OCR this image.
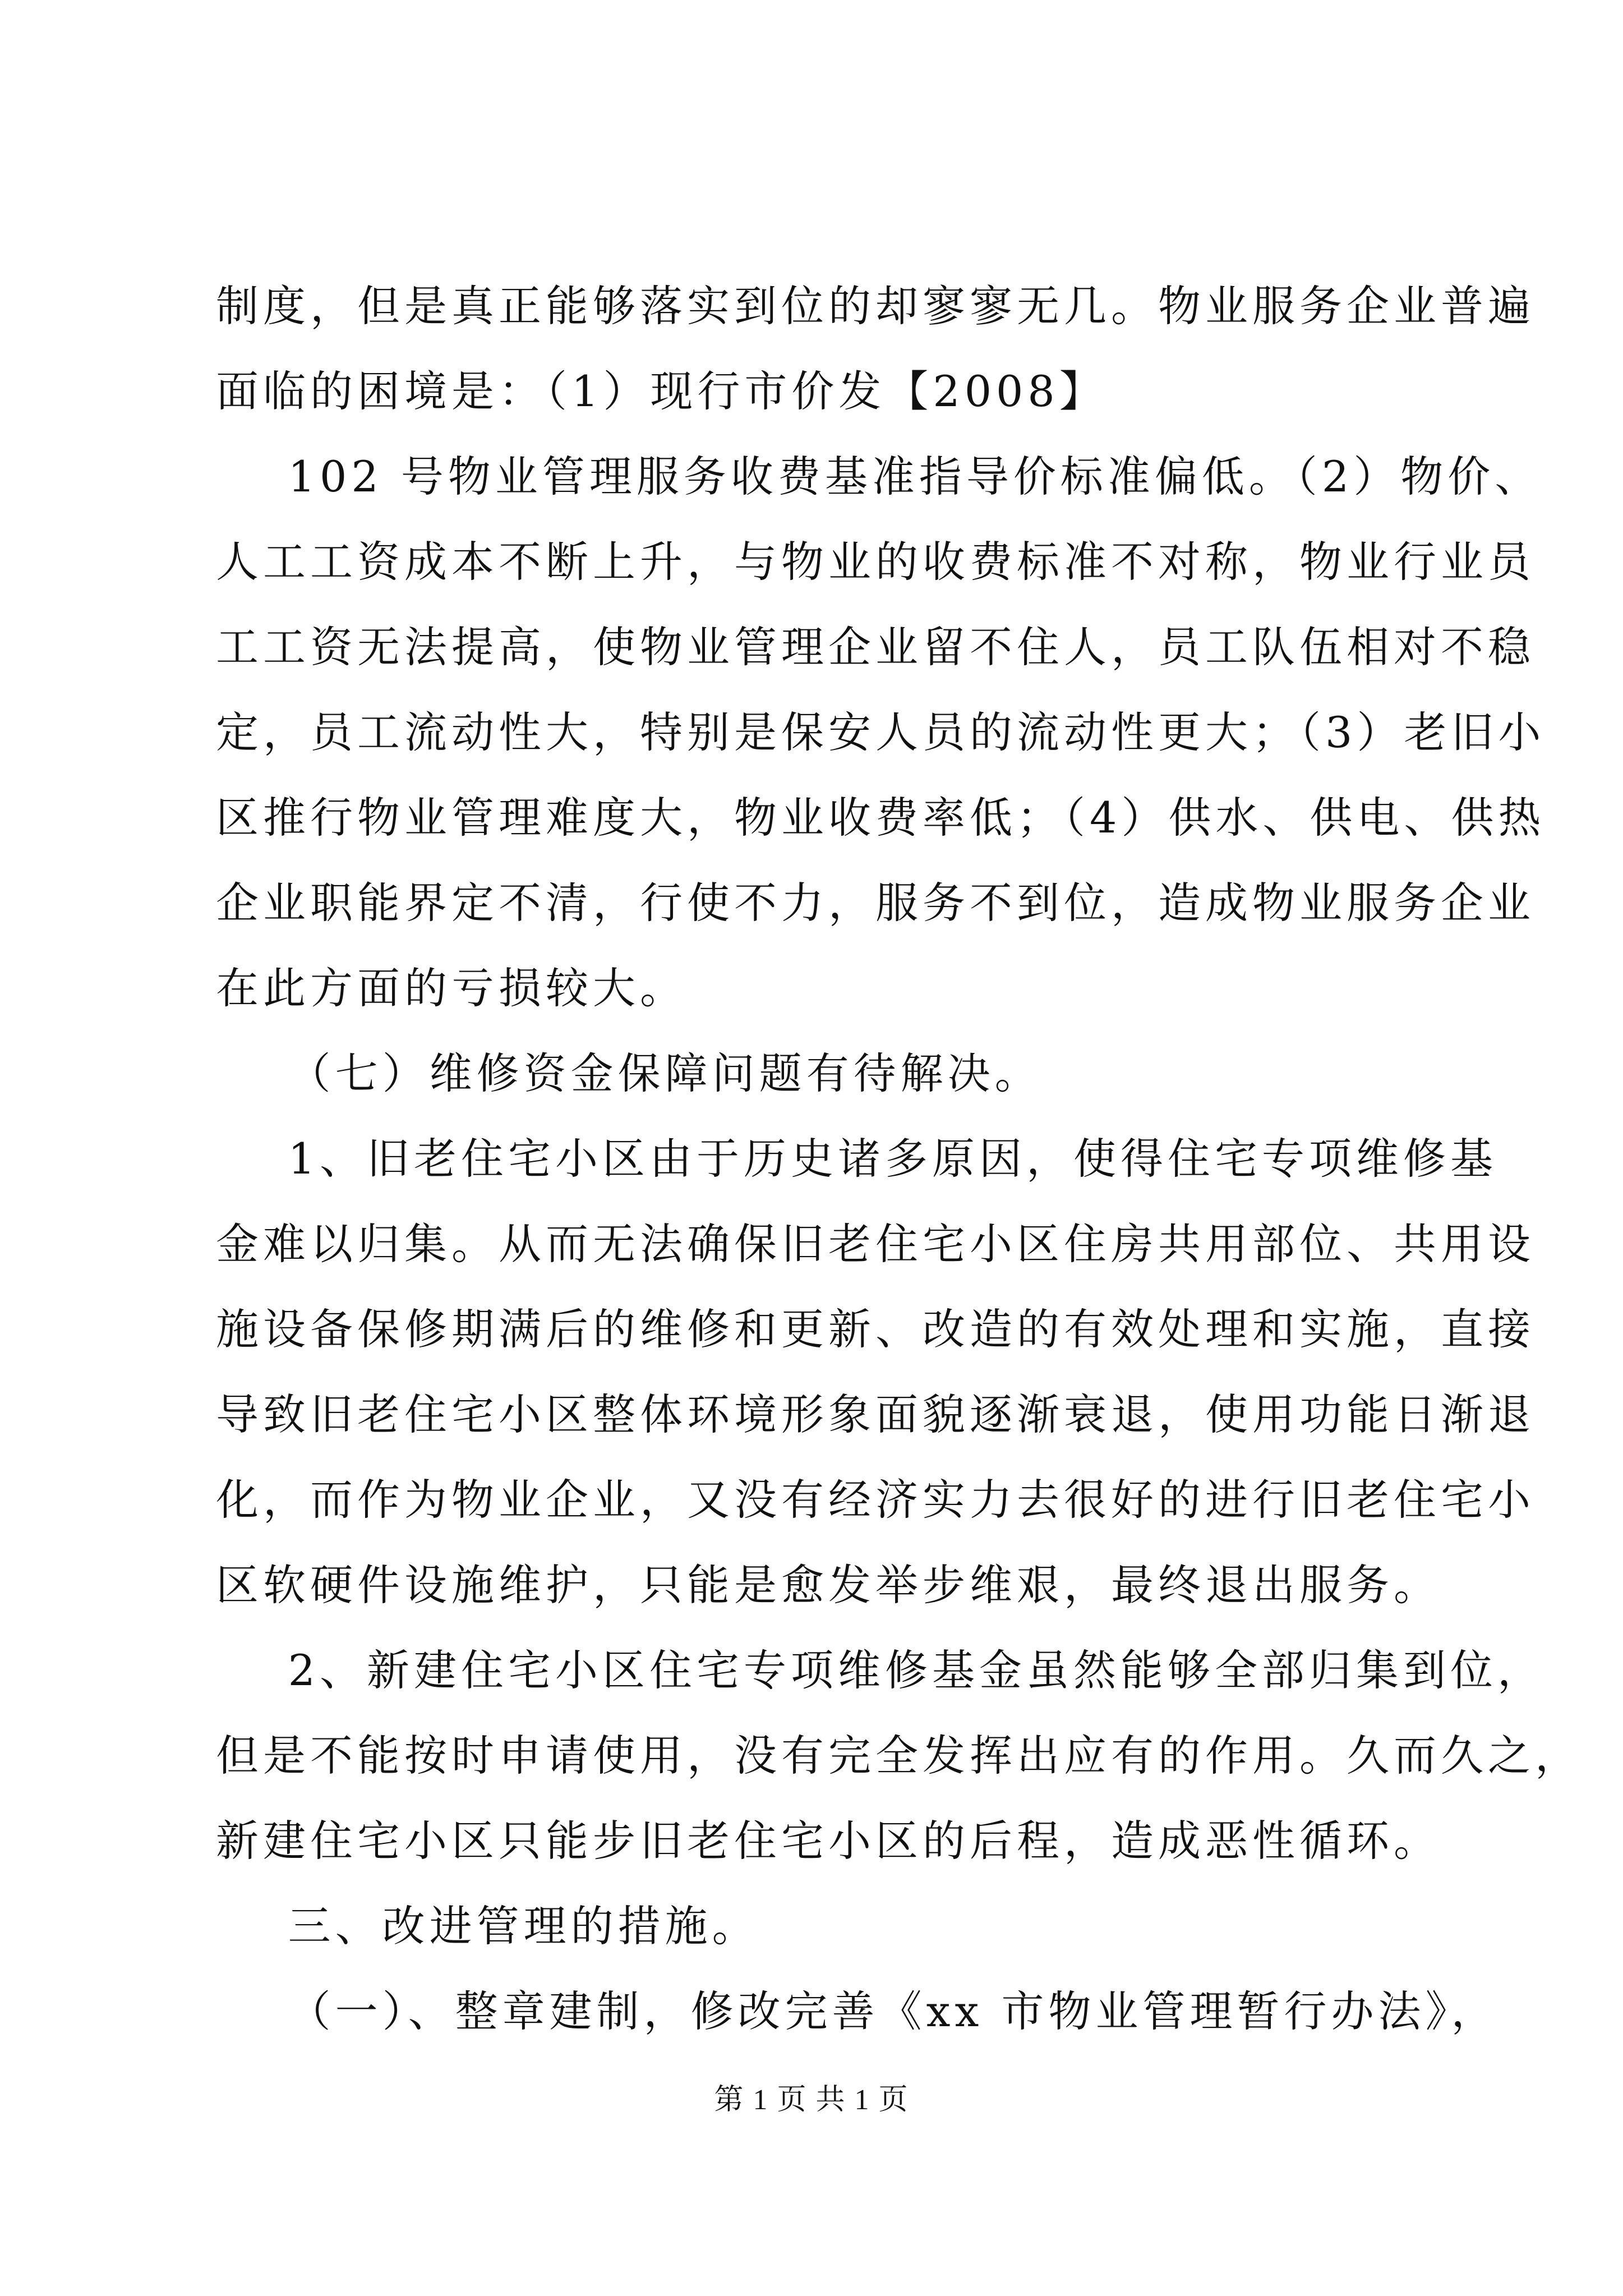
制度，但是真正能够落实到位的却寥寥无几。物业服务企业普遍
面临的困境是：（1）现行市价发【2008】
102 号物业管理服务收费基准指导价标准偏低。（2）物价、
人工工资成本不断上升，与物业的收费标准不对称，物业行业员
工工资无法提高，使物业管理企业留不住人，员工队伍相对不稳
定，员工流动性大，特别是保安人员的流动性更大；（3）老旧小
区推行物业管理难度大，物业收费率低；（4）供水、供电、供热
企业职能界定不清，行使不力，服务不到位，造成物业服务企业
在此方面的亏损较大。
（七）维修资金保障问题有待解决。
1、旧老住宅小区由于历史诸多原因，使得住宅专项维修基
金难以归集。从而无法确保旧老住宅小区住房共用部位、共用设
施设备保修期满后的维修和更新、改造的有效处理和实施，直接
导致旧老住宅小区整体环境形象面貌逐渐衰退，使用功能日渐退
化，而作为物业企业，又没有经济实力去很好的进行旧老住宅小
区软硬件设施维护，只能是愈发举步维艰，最终退出服务。
2、新建住宅小区住宅专项维修基金虽然能够全部归集到位，
但是不能按时申请使用，没有完全发挥出应有的作用。久而久之，
新建住宅小区只能步旧老住宅小区的后程，造成恶性循环。
三、改进管理的措施。
（一）、整章建制，修改完善《xx 市物业管理暂行办法》，
第 1 页 共 1 页
